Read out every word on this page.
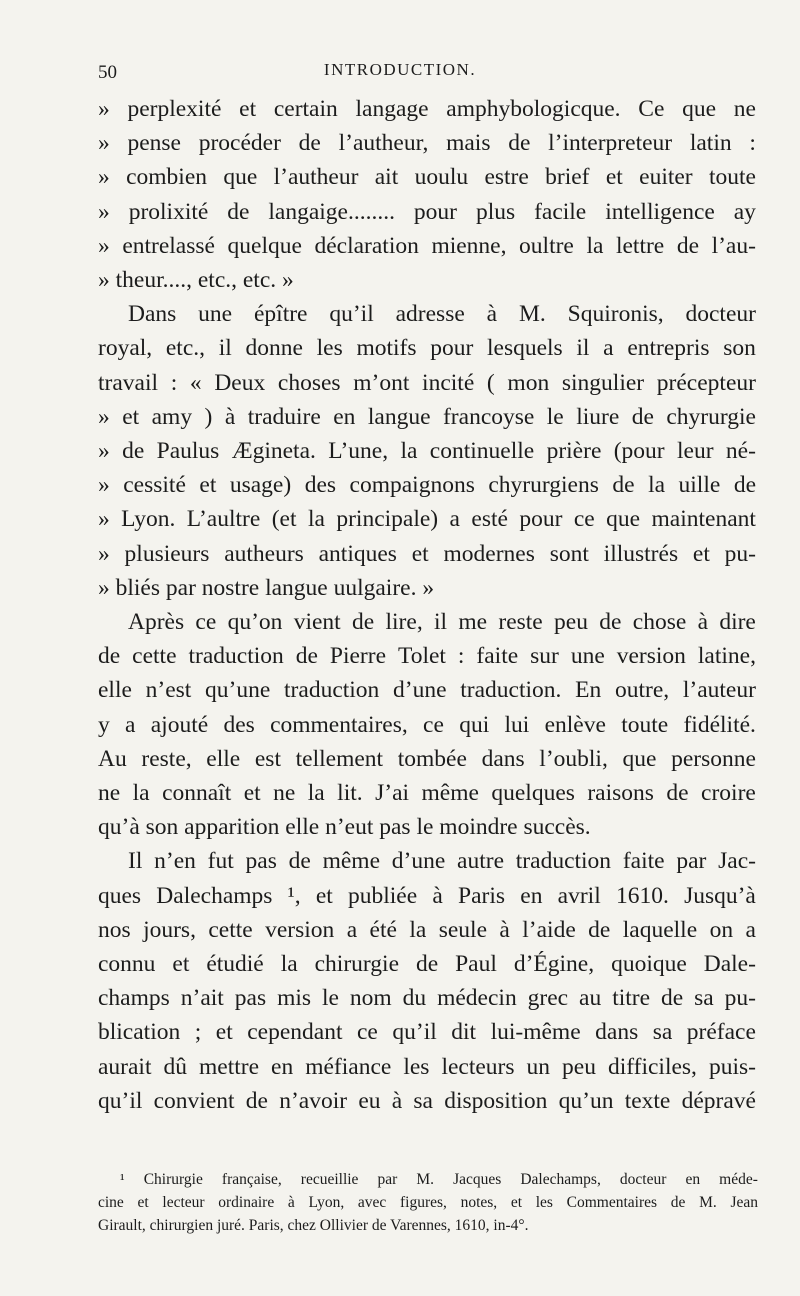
50	INTRODUCTION.
» perplexité et certain langage amphybologicque. Ce que ne
» pense procéder de l’autheur, mais de l’interpreteur latin :
» combien que l’autheur ait uoulu estre brief et euiter toute
» prolixité de langaige........ pour plus facile intelligence ay
» entrelassé quelque déclaration mienne, oultre la lettre de l’au-
» theur...., etc., etc. »
Dans une épître qu’il adresse à M. Squironis, docteur
royal, etc., il donne les motifs pour lesquels il a entrepris son
travail : « Deux choses m’ont incité ( mon singulier précepteur
» et amy ) à traduire en langue francoyse le liure de chyrurgie
» de Paulus Ægineta. L’une, la continuelle prière (pour leur né-
» cessité et usage) des compaignons chyrurgiens de la uille de
» Lyon. L’aultre (et la principale) a esté pour ce que maintenant
» plusieurs autheurs antiques et modernes sont illustrés et pu-
» bliés par nostre langue uulgaire. »
Après ce qu’on vient de lire, il me reste peu de chose à dire
de cette traduction de Pierre Tolet : faite sur une version latine,
elle n’est qu’une traduction d’une traduction. En outre, l’auteur
y a ajouté des commentaires, ce qui lui enlève toute fidélité.
Au reste, elle est tellement tombée dans l’oubli, que personne
ne la connaît et ne la lit. J’ai même quelques raisons de croire
qu’à son apparition elle n’eut pas le moindre succès.
Il n’en fut pas de même d’une autre traduction faite par Jac-
ques Dalechamps ¹, et publiée à Paris en avril 1610. Jusqu’à
nos jours, cette version a été la seule à l’aide de laquelle on a
connu et étudié la chirurgie de Paul d’Égine, quoique Dale-
champs n’ait pas mis le nom du médecin grec au titre de sa pu-
blication ; et cependant ce qu’il dit lui-même dans sa préface
aurait dû mettre en méfiance les lecteurs un peu difficiles, puis-
qu’il convient de n’avoir eu à sa disposition qu’un texte dépravé
¹ Chirurgie française, recueillie par M. Jacques Dalechamps, docteur en méde-
cine et lecteur ordinaire à Lyon, avec figures, notes, et les Commentaires de M. Jean
Girault, chirurgien juré. Paris, chez Ollivier de Varennes, 1610, in-4°.
